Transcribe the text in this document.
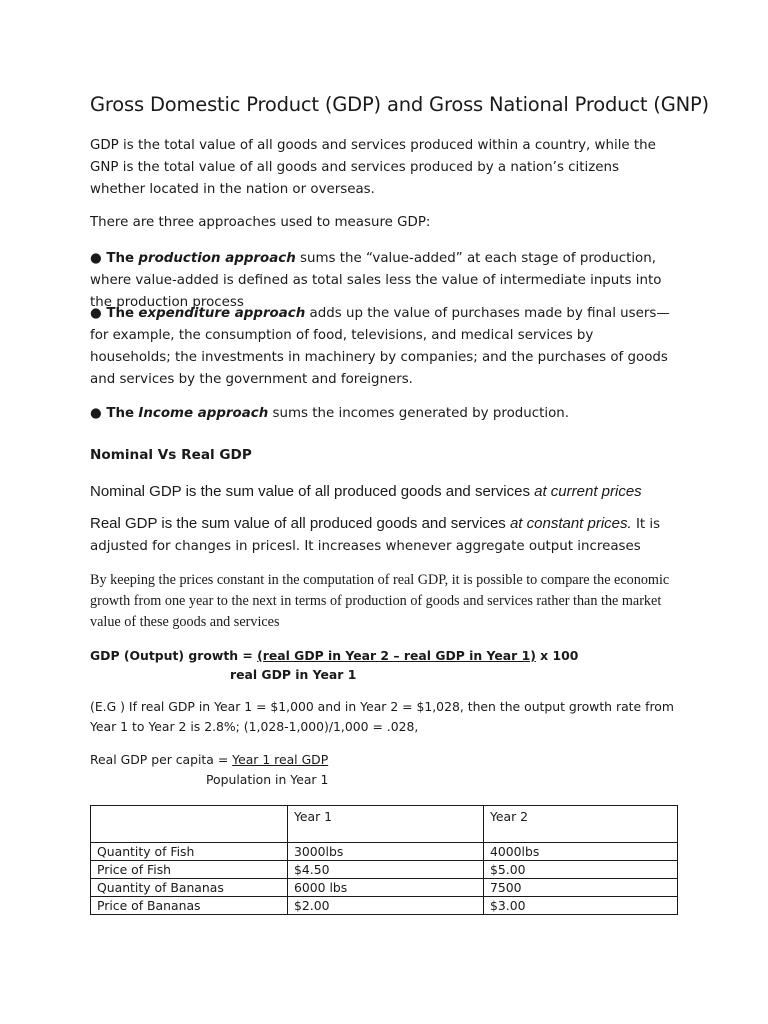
Gross Domestic Product (GDP) and Gross National Product (GNP)

GDP is the total value of all goods and services produced within a country, while the GNP is the total value of all goods and services produced by a nation’s citizens whether located in the nation or overseas.

There are three approaches used to measure GDP:

● The production approach sums the “value-added” at each stage of production, where value-added is defined as total sales less the value of intermediate inputs into the production process

● The expenditure approach adds up the value of purchases made by final users—for example, the consumption of food, televisions, and medical services by households; the investments in machinery by companies; and the purchases of goods and services by the government and foreigners.

● The Income approach sums the incomes generated by production.

Nominal Vs Real GDP

Nominal GDP is the sum value of all produced goods and services at current prices

Real GDP is the sum value of all produced goods and services at constant prices. It is
adjusted for changes in pricesl. It increases whenever aggregate output increases

By keeping the prices constant in the computation of real GDP, it is possible to compare the economic growth from one year to the next in terms of production of goods and services rather than the market value of these goods and services

GDP (Output) growth = (real GDP in Year 2 – real GDP in Year 1) x 100
real GDP in Year 1

(E.G ) If real GDP in Year 1 = $1,000 and in Year 2 = $1,028, then the output growth rate from Year 1 to Year 2 is 2.8%; (1,028-1,000)/1,000 = .028,

Real GDP per capita = Year 1 real GDP
Population in Year 1
	Year 1	Year 2
Quantity of Fish	3000lbs	4000lbs
Price of Fish	$4.50	$5.00
Quantity of Bananas	6000 lbs	7500
Price of Bananas	$2.00	$3.00
